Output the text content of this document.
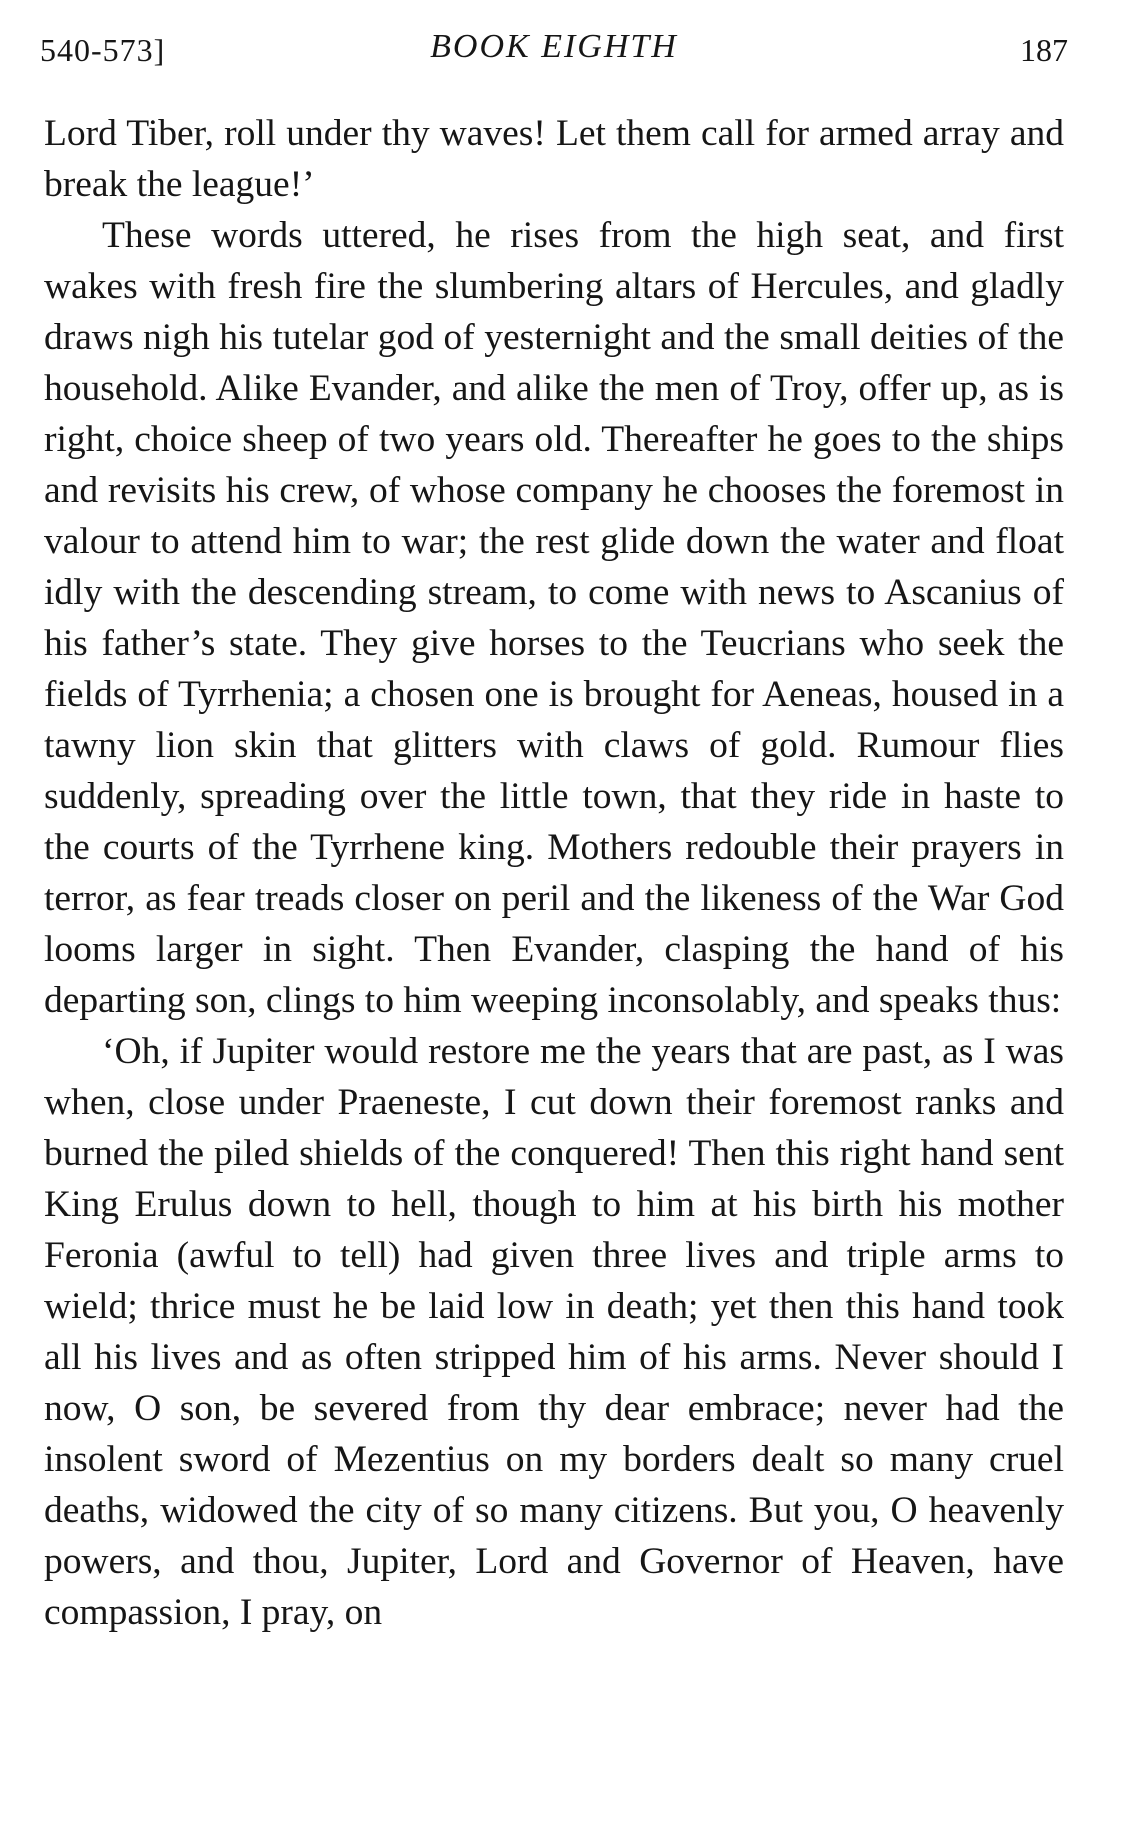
540-573]	BOOK EIGHTH	187

Lord Tiber, roll under thy waves! Let them call for armed array and break the league!’

These words uttered, he rises from the high seat, and first wakes with fresh fire the slumbering altars of Hercules, and gladly draws nigh his tutelar god of yesternight and the small deities of the household. Alike Evander, and alike the men of Troy, offer up, as is right, choice sheep of two years old. Thereafter he goes to the ships and revisits his crew, of whose company he chooses the foremost in valour to attend him to war; the rest glide down the water and float idly with the descending stream, to come with news to Ascanius of his father’s state. They give horses to the Teucrians who seek the fields of Tyrrhenia; a chosen one is brought for Aeneas, housed in a tawny lion skin that glitters with claws of gold. Rumour flies suddenly, spreading over the little town, that they ride in haste to the courts of the Tyrrhene king. Mothers redouble their prayers in terror, as fear treads closer on peril and the likeness of the War God looms larger in sight. Then Evander, clasping the hand of his departing son, clings to him weeping inconsolably, and speaks thus:

‘Oh, if Jupiter would restore me the years that are past, as I was when, close under Praeneste, I cut down their foremost ranks and burned the piled shields of the conquered! Then this right hand sent King Erulus down to hell, though to him at his birth his mother Feronia (awful to tell) had given three lives and triple arms to wield; thrice must he be laid low in death; yet then this hand took all his lives and as often stripped him of his arms. Never should I now, O son, be severed from thy dear embrace; never had the insolent sword of Mezentius on my borders dealt so many cruel deaths, widowed the city of so many citizens. But you, O heavenly powers, and thou, Jupiter, Lord and Governor of Heaven, have compassion, I pray, on
